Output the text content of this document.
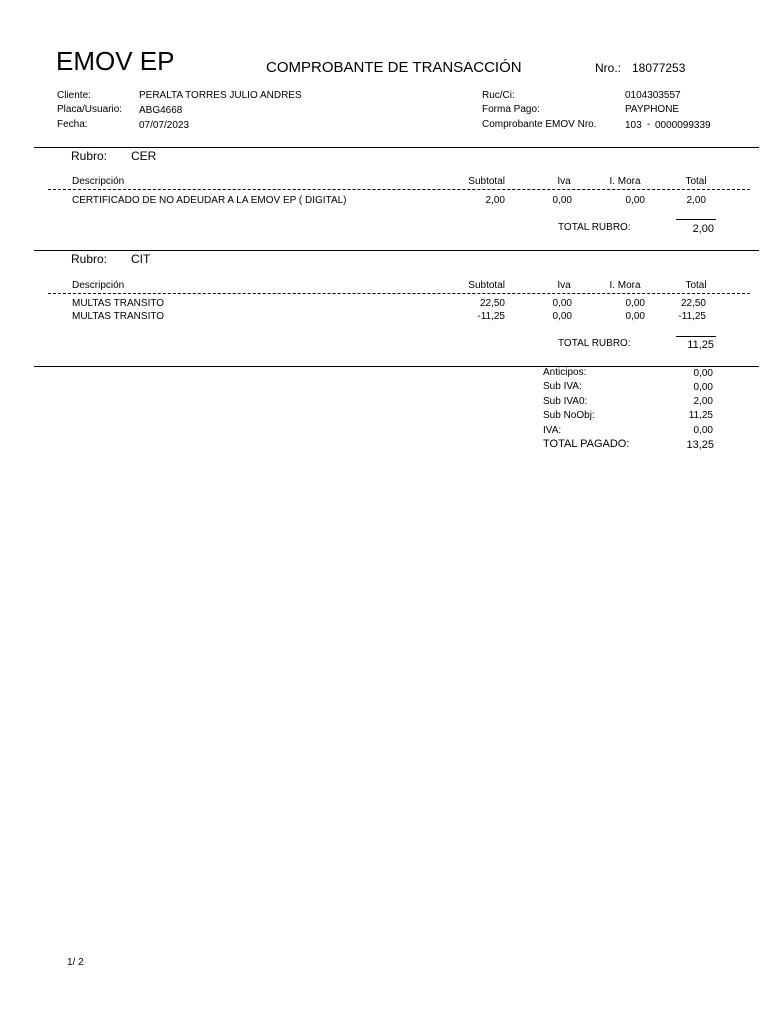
EMOV EP	COMPROBANTE DE TRANSACCIÓN	Nro.: 18077253
Cliente:	PERALTA TORRES JULIO ANDRES
Placa/Usuario: ABG4668
Fecha:	07/07/2023
Ruc/Ci:	0104303557
Forma Pago:	PAYPHONE
Comprobante EMOV Nro.	103 - 0000099339
Rubro: CER
Descripción	Subtotal	Iva	I. Mora	Total
CERTIFICADO DE NO ADEUDAR A LA EMOV EP ( DIGITAL)	2,00	0,00	0,00	2,00
TOTAL RUBRO:	2,00
Rubro: CIT
Descripción	Subtotal	Iva	I. Mora	Total
MULTAS TRANSITO	22,50	0,00	0,00	22,50
MULTAS TRANSITO	-11,25	0,00	0,00	-11,25
TOTAL RUBRO:	11,25
Anticipos:	0,00
Sub IVA:	0,00
Sub IVA0:	2,00
Sub NoObj:	11,25
IVA:	0,00
TOTAL PAGADO:	13,25
1/ 2
